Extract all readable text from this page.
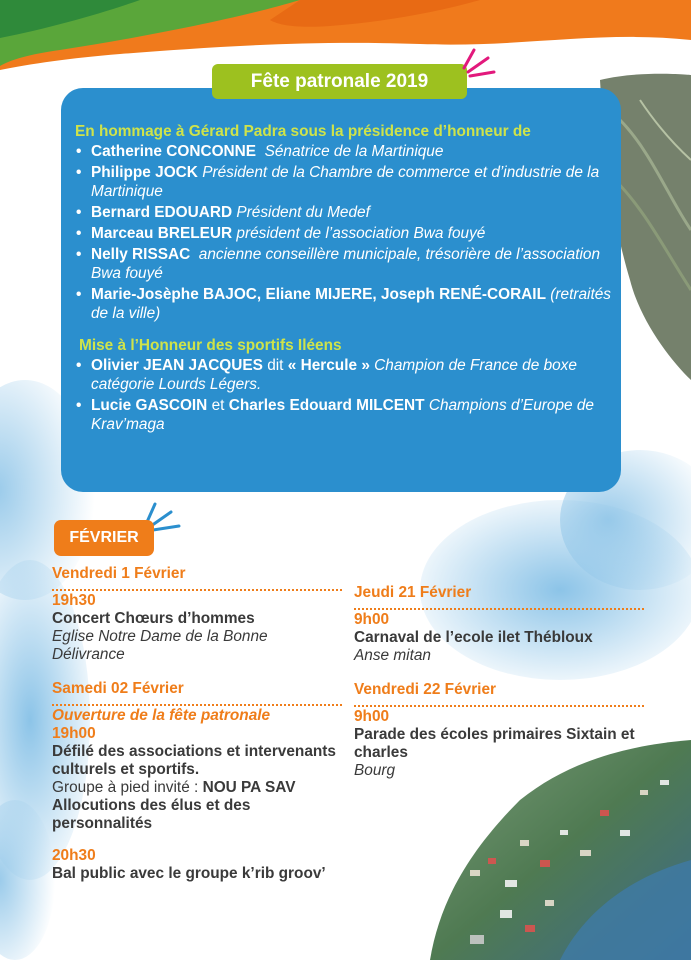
Fête patronale 2019

En hommage à Gérard Padra sous la présidence d’honneur de

• Catherine CONCONNE Sénatrice de la Martinique
• Philippe JOCK Président de la Chambre de commerce et d’industrie de la Martinique
• Bernard EDOUARD Président du Medef
• Marceau BRELEUR président de l’association Bwa fouyé
• Nelly RISSAC ancienne conseillère municipale, trésorière de l’association Bwa fouyé
• Marie-Josèphe BAJOC, Eliane MIJERE, Joseph RENÉ-CORAIL (retraités de la ville)

Mise à l’Honneur des sportifs Iléens

• Olivier JEAN JACQUES dit « Hercule » Champion de France de boxe catégorie Lourds Légers.
• Lucie GASCOIN et Charles Edouard MILCENT Champions d’Europe de Krav’maga
FÉVRIER
Vendredi 1 Février
19h30
Concert Chœurs d’hommes
Eglise Notre Dame de la Bonne Délivrance
Samedi 02 Février
Ouverture de la fête patronale
19h00
Défilé des associations et intervenants culturels et sportifs.
Groupe à pied invité : NOU PA SAV
Allocutions des élus et des personnalités
20h30
Bal public avec le groupe k’rib groov’
Jeudi 21 Février
9h00
Carnaval de l’ecole ilet Thébloux
Anse mitan
Vendredi 22 Février
9h00
Parade des écoles primaires Sixtain et charles
Bourg
